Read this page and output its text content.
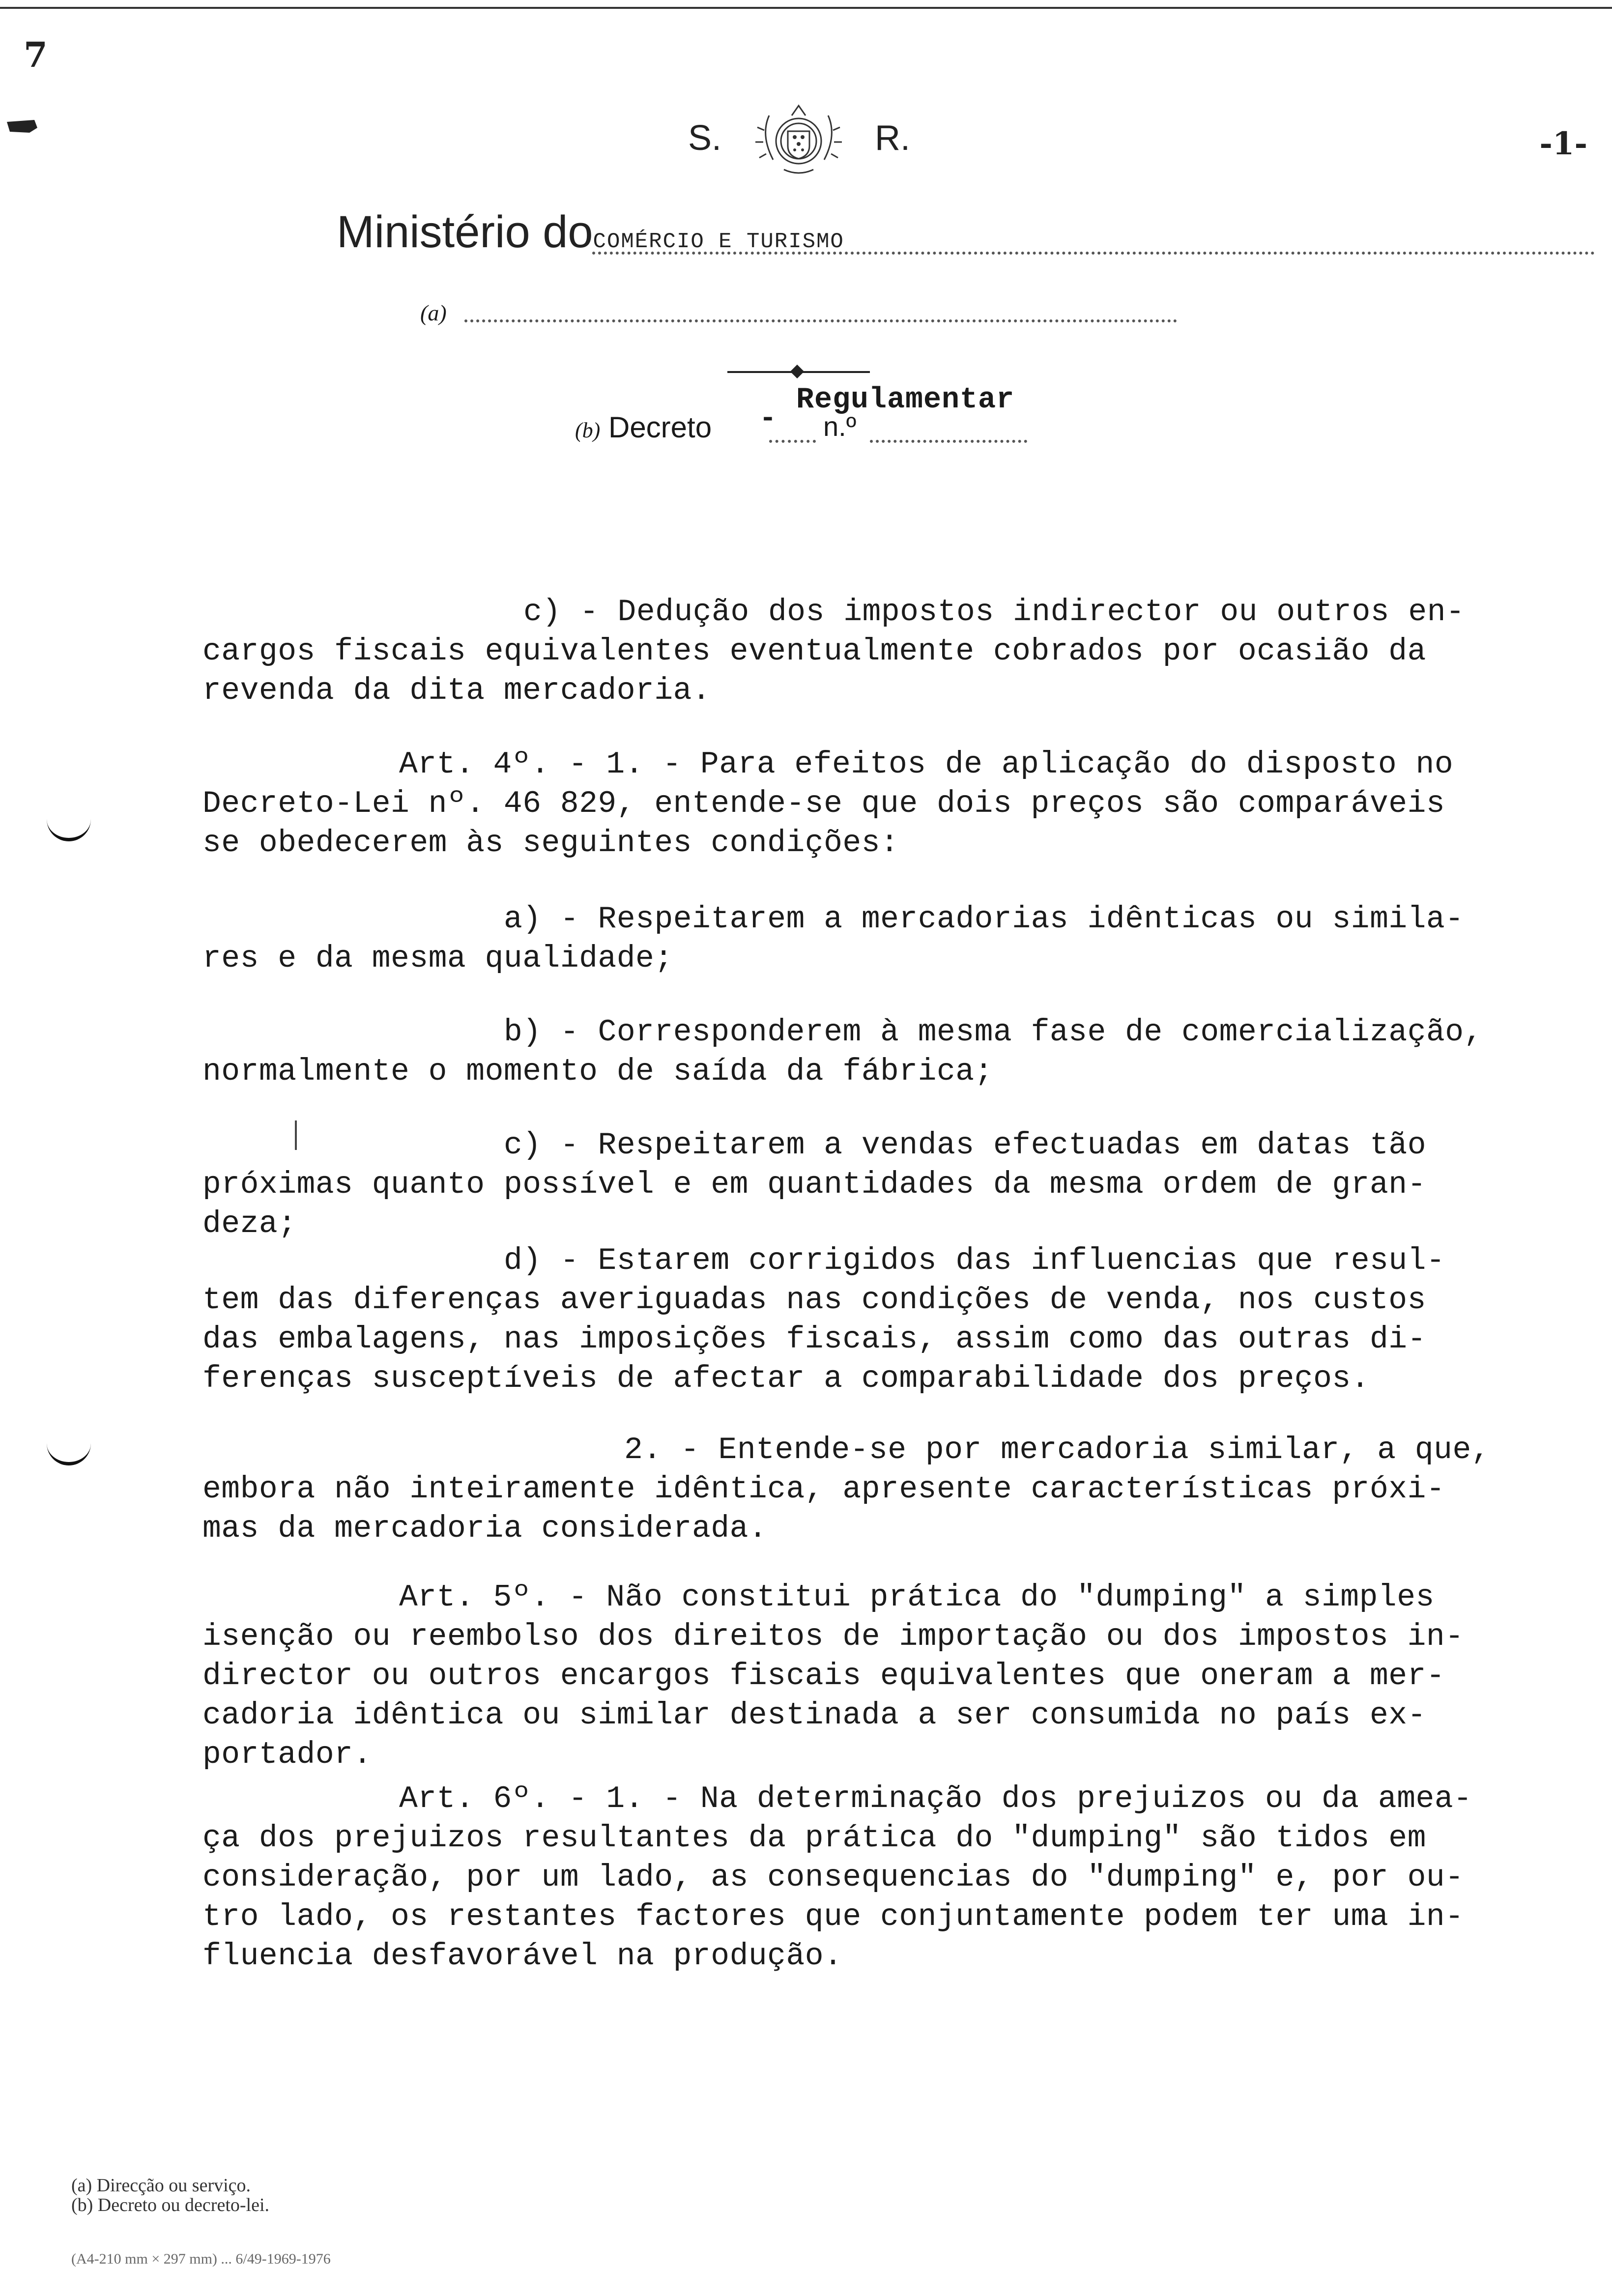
7
-1-
S.	R.
Ministério doCOMÉRCIO E TURISMO
(a)
(b) Decreto -
Regulamentar
n.º
c) - Dedução dos impostos indirector ou outros en-
cargos fiscais equivalentes eventualmente cobrados por ocasião da
revenda da dita mercadoria.
Art. 4º. - 1. - Para efeitos de aplicação do disposto no
Decreto-Lei nº. 46 829, entende-se que dois preços são comparáveis
se obedecerem às seguintes condições:
a) - Respeitarem a mercadorias idênticas ou simila-
res e da mesma qualidade;
b) - Corresponderem à mesma fase de comercialização,
normalmente o momento de saída da fábrica;
c) - Respeitarem a vendas efectuadas em datas tão
próximas quanto possível e em quantidades da mesma ordem de gran-
deza;
d) - Estarem corrigidos das influencias que resul-
tem das diferenças averiguadas nas condições de venda, nos custos
das embalagens, nas imposições fiscais, assim como das outras di-
ferenças susceptíveis de afectar a comparabilidade dos preços.
2. - Entende-se por mercadoria similar, a que,
embora não inteiramente idêntica, apresente características próxi-
mas da mercadoria considerada.
Art. 5º. - Não constitui prática do "dumping" a simples
isenção ou reembolso dos direitos de importação ou dos impostos in-
director ou outros encargos fiscais equivalentes que oneram a mer-
cadoria idêntica ou similar destinada a ser consumida no país ex-
portador.
Art. 6º. - 1. - Na determinação dos prejuizos ou da amea-
ça dos prejuizos resultantes da prática do "dumping" são tidos em
consideração, por um lado, as consequencias do "dumping" e, por ou-
tro lado, os restantes factores que conjuntamente podem ter uma in-
fluencia desfavorável na produção.
(a) Direcção ou serviço.
(b) Decreto ou decreto-lei.
(A4-210 mm × 297 mm) ... 6/49-1969-1976
